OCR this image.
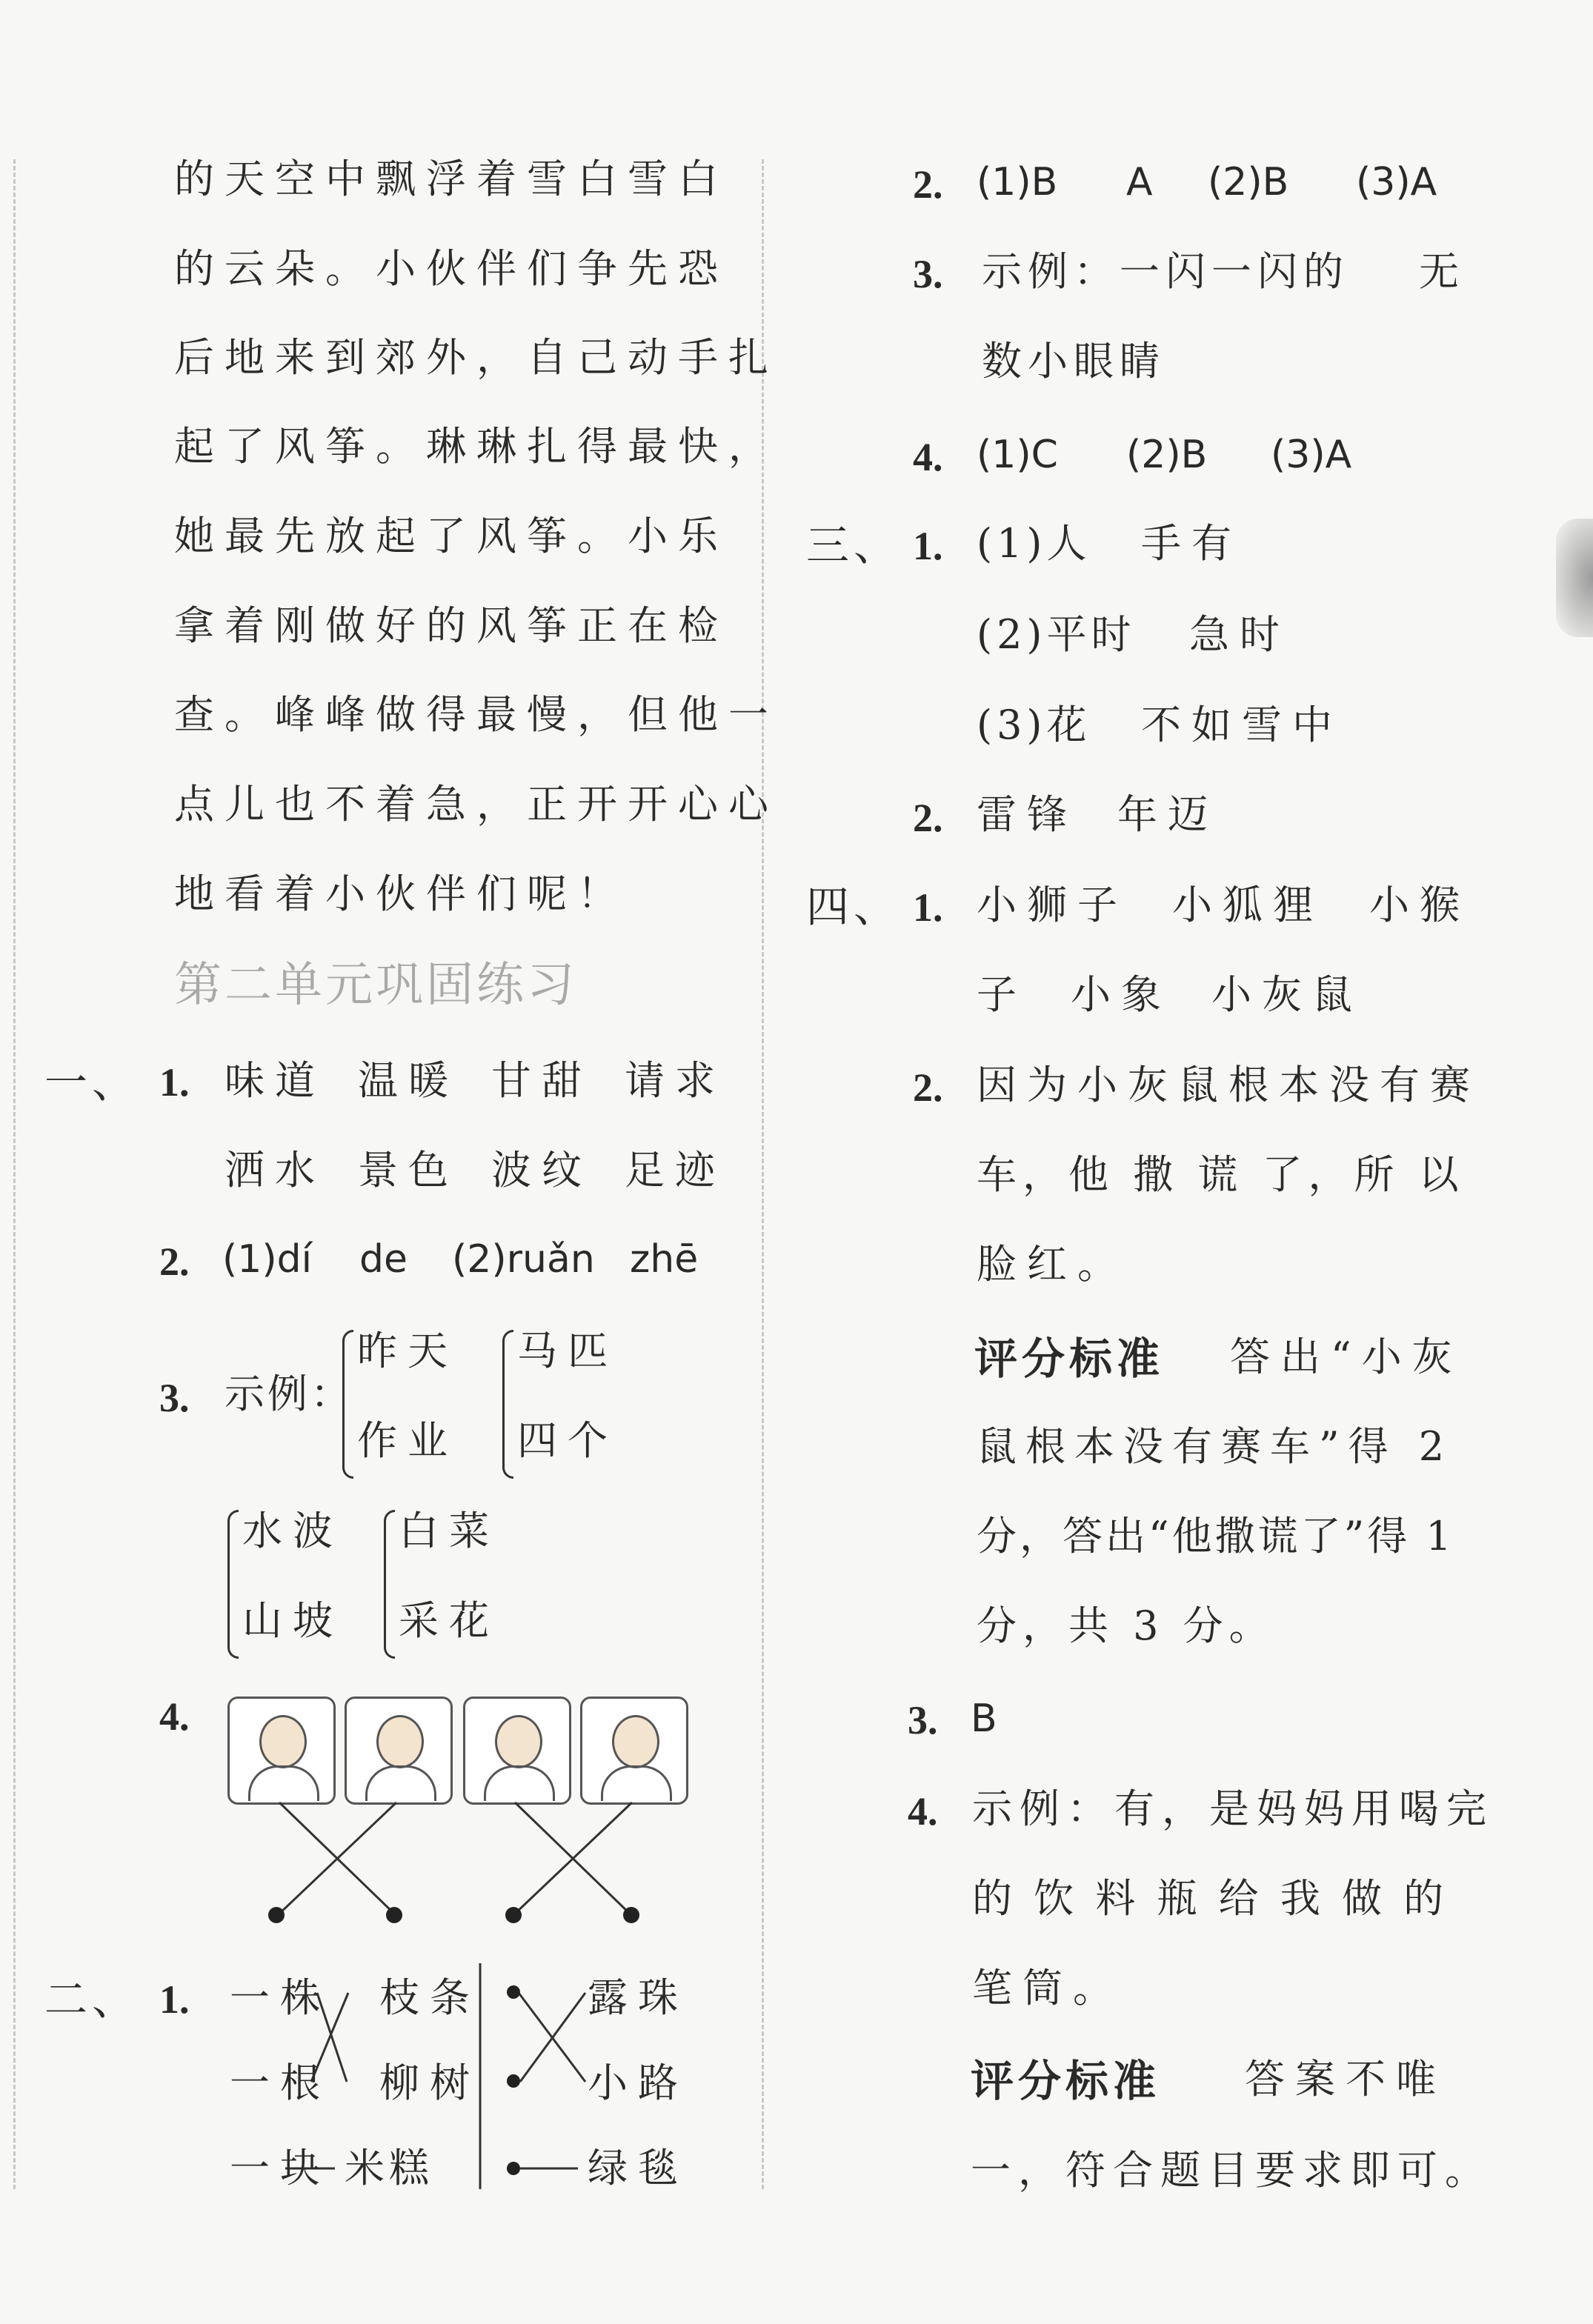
的天空中飘浮着雪白雪白
的云朵。小伙伴们争先恐
后地来到郊外，自己动手扎
起了风筝。琳琳扎得最快，
她最先放起了风筝。小乐
拿着刚做好的风筝正在检
查。峰峰做得最慢，但他一
点儿也不着急，正开开心心
地看着小伙伴们呢！
第二单元巩固练习
一、 1. 味道 温暖 甘甜 请求
洒水 景色 波纹 足迹
2. (1)dí de (2)ruǎn zhē
3. 示例：
昨天
作业
马匹
四个
水波
山坡
白菜
采花
4.
二、 1. 一株
一根
一块
枝条
柳树
米糕
露珠
小路
绿毯
2. (1)B A (2)B (3)A
3. 示例：一闪一闪的 无
数小眼睛
4. (1)C (2)B (3)A
三、 1. (1)人 手有
(2)平时 急时
(3)花 不如雪中
2. 雷锋 年迈
四、 1. 小狮子 小狐狸 小猴
子 小象 小灰鼠
2. 因为小灰鼠根本没有赛
车，他 撒 谎 了，所 以
脸红。
评分标准 答出“小灰
鼠根本没有赛车”得 2
分，答出“他撒谎了”得 1
分，共 3 分。
3. B
4. 示例：有，是妈妈用喝完
的 饮 料 瓶 给 我 做 的
笔筒。
评分标准 答案不唯
一，符合题目要求即可。
